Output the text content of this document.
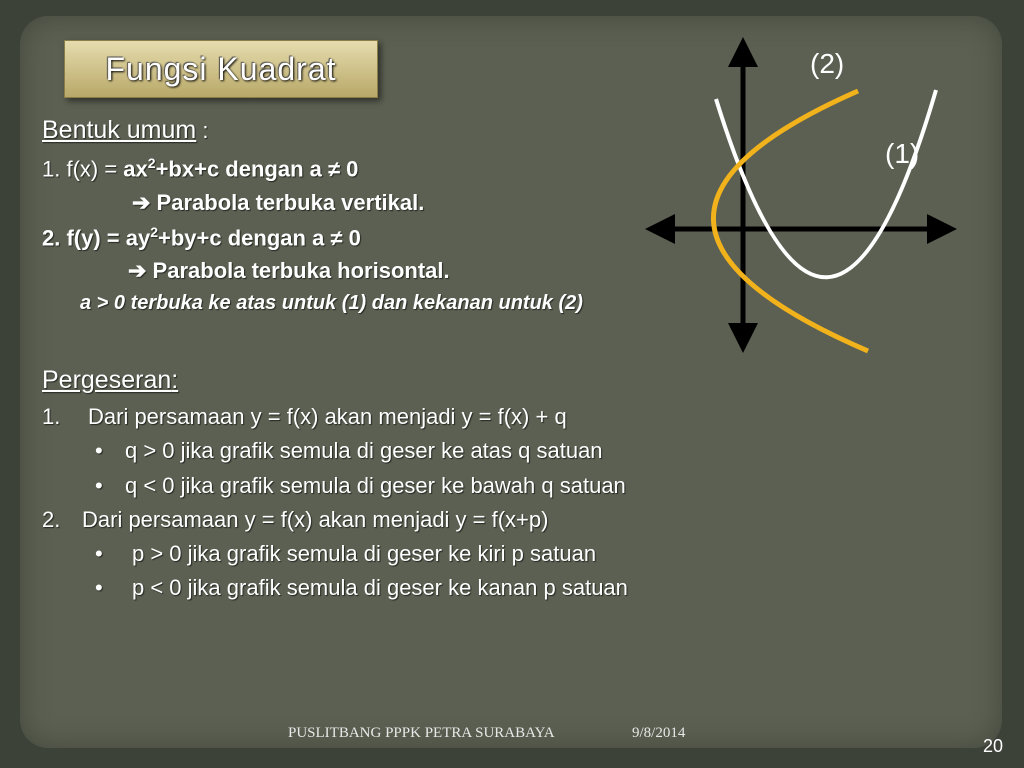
Fungsi Kuadrat
Bentuk umum :
1. $f(x) = ax^2+bx+c$ dengan a ≠ 0
➔ Parabola terbuka vertikal.
2. $f(y) = ay^2+by+c$ dengan a ≠ 0
➔ Parabola terbuka horisontal.
a > 0 terbuka ke atas untuk (1) dan kekanan untuk (2)
Pergeseran:
1. Dari persamaan y = f(x) akan menjadi y = f(x) + q
• q > 0 jika grafik semula di geser ke atas q satuan
• q < 0 jika grafik semula di geser ke bawah q satuan
2. Dari persamaan y = f(x) akan menjadi y = f(x+p)
• p > 0 jika grafik semula di geser ke kiri p satuan
• p < 0 jika grafik semula di geser ke kanan p satuan
(2)
(1)
PUSLITBANG PPPK PETRA SURABAYA	9/8/2014
20
